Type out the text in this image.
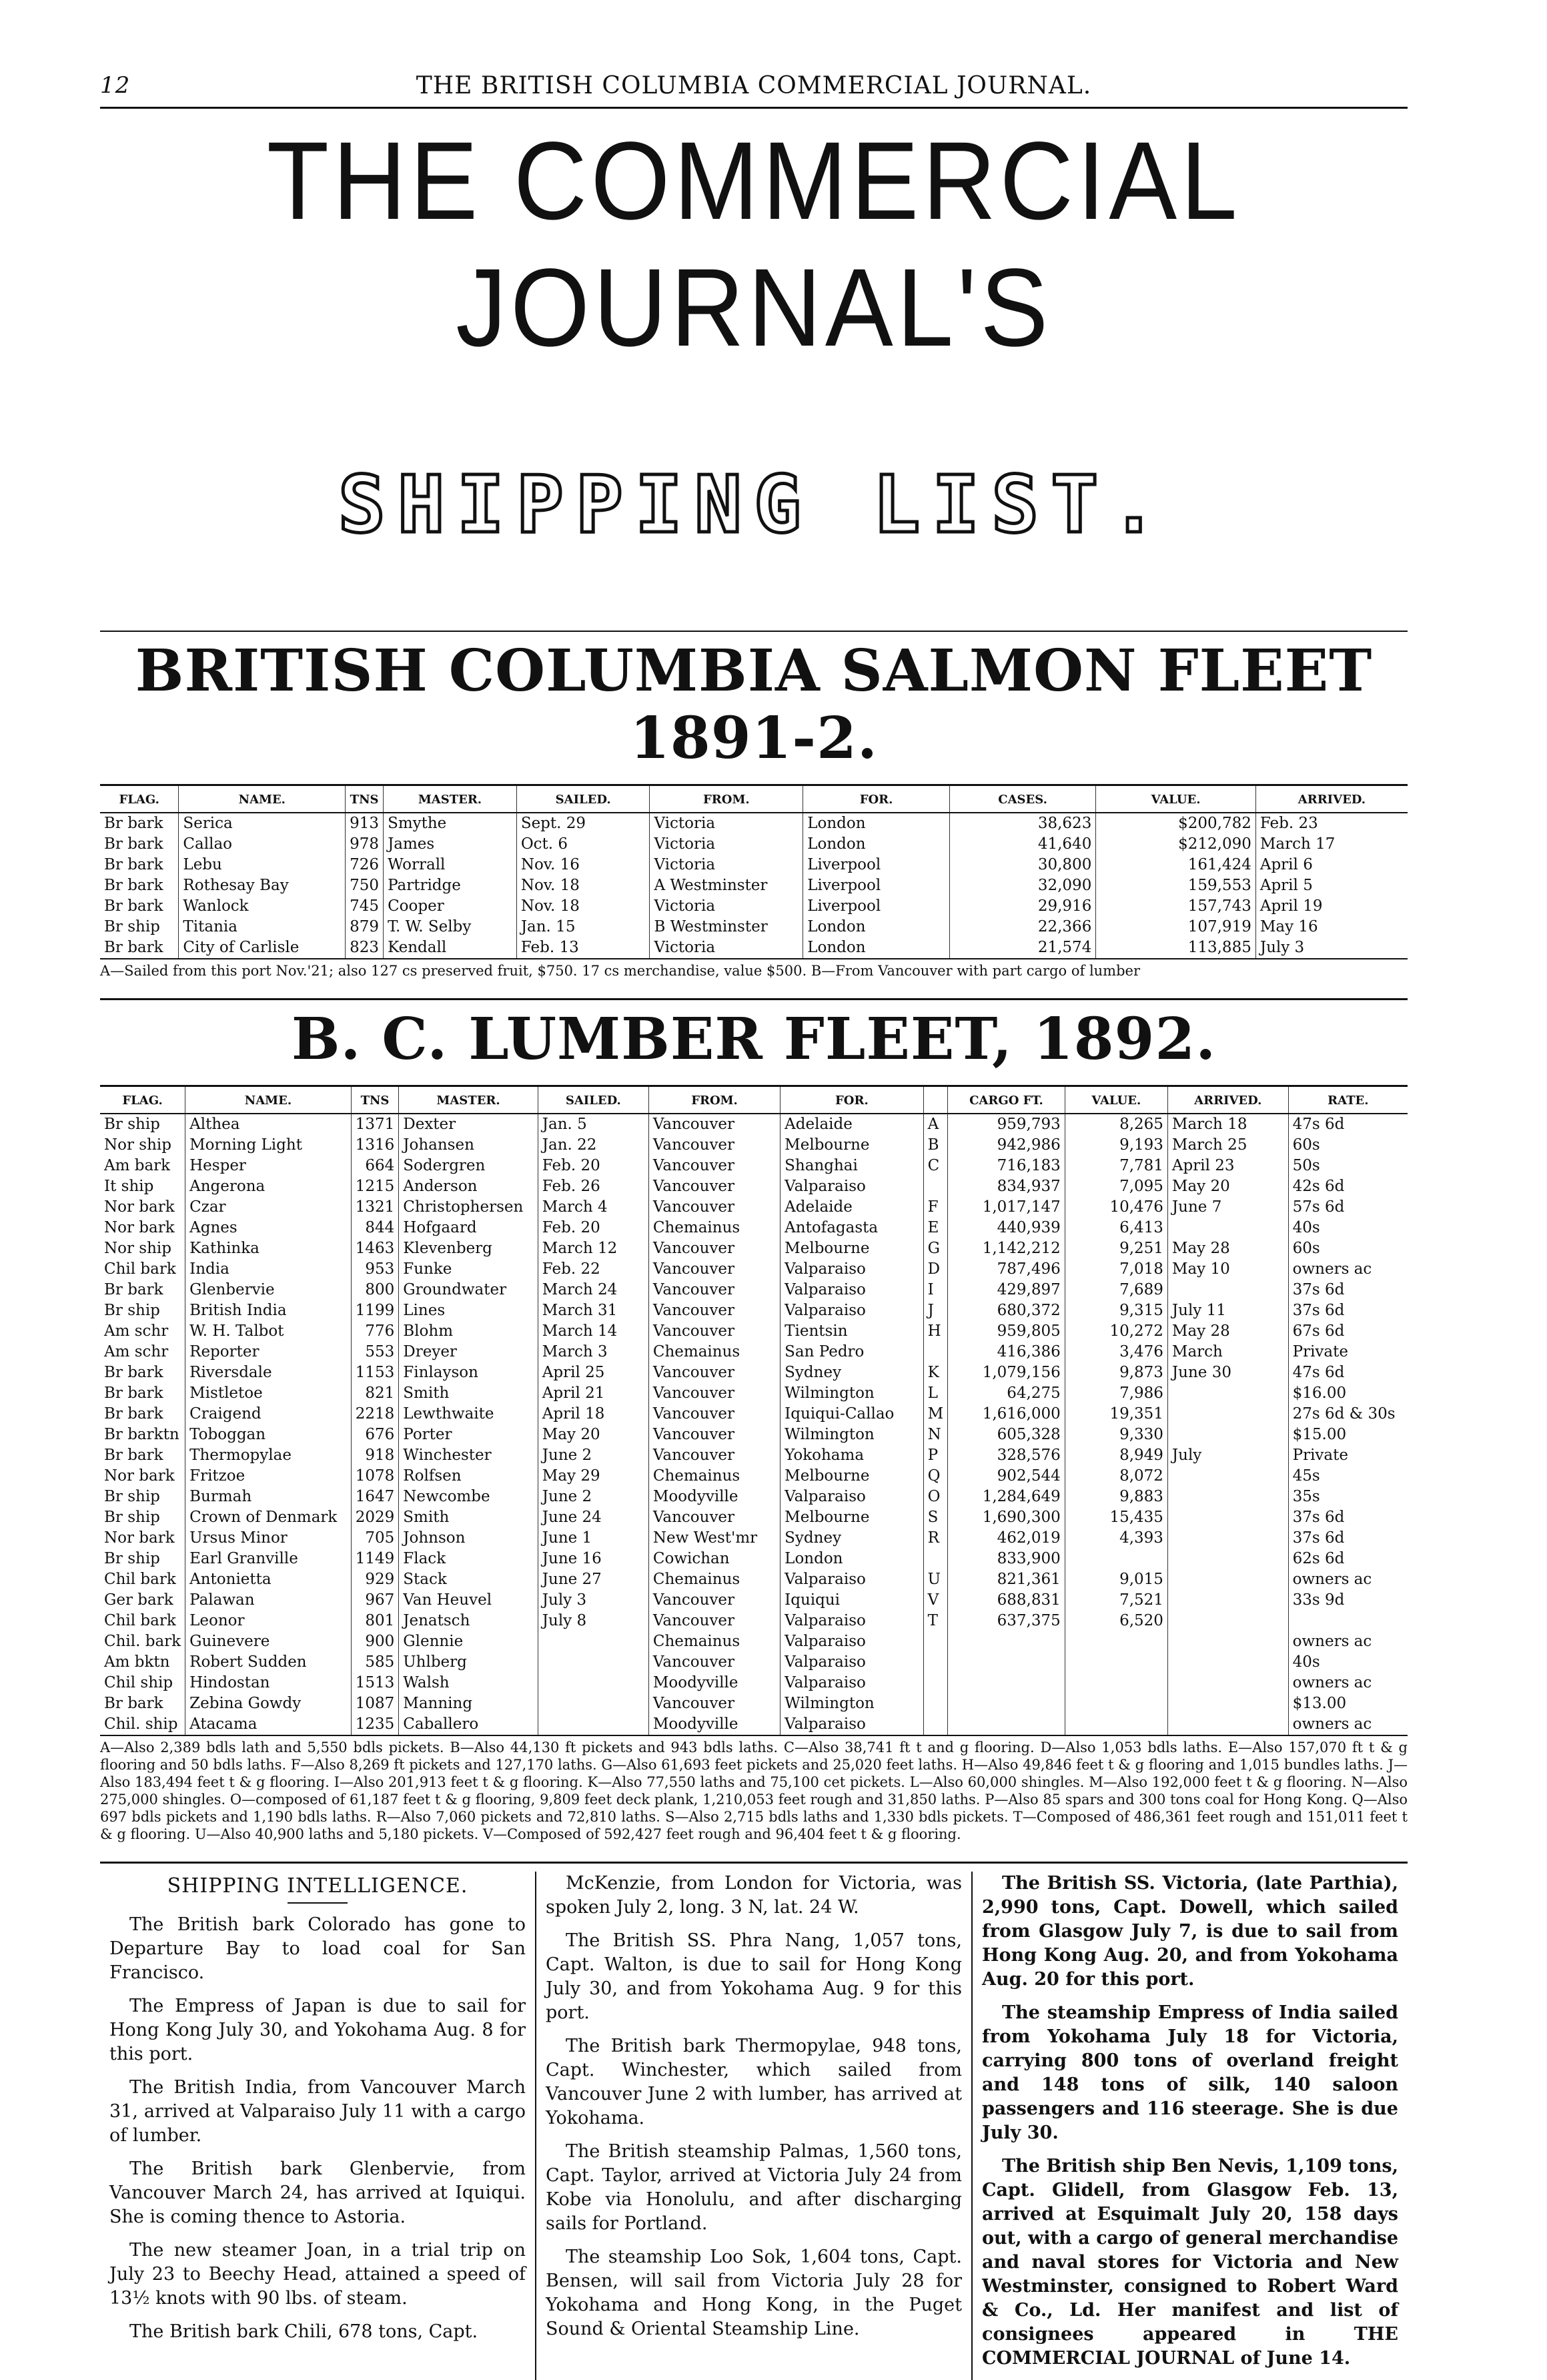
12	THE BRITISH COLUMBIA COMMERCIAL JOURNAL.
THE COMMERCIAL JOURNAL'S
SHIPPING LIST.
BRITISH COLUMBIA SALMON FLEET 1891-2.
FLAG.	NAME.	TNS	MASTER.	SAILED.	FROM.	FOR.	CASES.	VALUE.	ARRIVED.
Br bark	Serica	913	Smythe	Sept. 29	Victoria	London	38,623	$200,782	Feb. 23
Br bark	Callao	978	James	Oct. 6	Victoria	London	41,640	$212,090	March 17
Br bark	Lebu	726	Worrall	Nov. 16	Victoria	Liverpool	30,800	161,424	April 6
Br bark	Rothesay Bay	750	Partridge	Nov. 18	A Westminster	Liverpool	32,090	159,553	April 5
Br bark	Wanlock	745	Cooper	Nov. 18	Victoria	Liverpool	29,916	157,743	April 19
Br ship	Titania	879	T. W. Selby	Jan. 15	B Westminster	London	22,366	107,919	May 16
Br bark	City of Carlisle	823	Kendall	Feb. 13	Victoria	London	21,574	113,885	July 3
A—Sailed from this port Nov.'21; also 127 cs preserved fruit, $750. 17 cs merchandise, value $500. B—From Vancouver with part cargo of lumber
B. C. LUMBER FLEET, 1892.
FLAG.	NAME.	TNS	MASTER.	SAILED.	FROM.	FOR.		CARGO FT.	VALUE.	ARRIVED.	RATE.
Br ship	Althea	1371	Dexter	Jan. 5	Vancouver	Adelaide	A	959,793	8,265	March 18	47s 6d
Nor ship	Morning Light	1316	Johansen	Jan. 22	Vancouver	Melbourne	B	942,986	9,193	March 25	60s
Am bark	Hesper	664	Sodergren	Feb. 20	Vancouver	Shanghai	C	716,183	7,781	April 23	50s
It ship	Angerona	1215	Anderson	Feb. 26	Vancouver	Valparaiso		834,937	7,095	May 20	42s 6d
Nor bark	Czar	1321	Christophersen	March 4	Vancouver	Adelaide	F	1,017,147	10,476	June 7	57s 6d
Nor bark	Agnes	844	Hofgaard	Feb. 20	Chemainus	Antofagasta	E	440,939	6,413		40s
Nor ship	Kathinka	1463	Klevenberg	March 12	Vancouver	Melbourne	G	1,142,212	9,251	May 28	60s
Chil bark	India	953	Funke	Feb. 22	Vancouver	Valparaiso	D	787,496	7,018	May 10	owners ac
Br bark	Glenbervie	800	Groundwater	March 24	Vancouver	Valparaiso	I	429,897	7,689		37s 6d
Br ship	British India	1199	Lines	March 31	Vancouver	Valparaiso	J	680,372	9,315	July 11	37s 6d
Am schr	W. H. Talbot	776	Blohm	March 14	Vancouver	Tientsin	H	959,805	10,272	May 28	67s 6d
Am schr	Reporter	553	Dreyer	March 3	Chemainus	San Pedro		416,386	3,476	March	Private
Br bark	Riversdale	1153	Finlayson	April 25	Vancouver	Sydney	K	1,079,156	9,873	June 30	47s 6d
Br bark	Mistletoe	821	Smith	April 21	Vancouver	Wilmington	L	64,275	7,986		$16.00
Br bark	Craigend	2218	Lewthwaite	April 18	Vancouver	Iquiqui-Callao	M	1,616,000	19,351		27s 6d & 30s
Br barktn	Toboggan	676	Porter	May 20	Vancouver	Wilmington	N	605,328	9,330		$15.00
Br bark	Thermopylae	918	Winchester	June 2	Vancouver	Yokohama	P	328,576	8,949	July	Private
Nor bark	Fritzoe	1078	Rolfsen	May 29	Chemainus	Melbourne	Q	902,544	8,072		45s
Br ship	Burmah	1647	Newcombe	June 2	Moodyville	Valparaiso	O	1,284,649	9,883		35s
Br ship	Crown of Denmark	2029	Smith	June 24	Vancouver	Melbourne	S	1,690,300	15,435		37s 6d
Nor bark	Ursus Minor	705	Johnson	June 1	New West'mr	Sydney	R	462,019	4,393		37s 6d
Br ship	Earl Granville	1149	Flack	June 16	Cowichan	London		833,900			62s 6d
Chil bark	Antonietta	929	Stack	June 27	Chemainus	Valparaiso	U	821,361	9,015		owners ac
Ger bark	Palawan	967	Van Heuvel	July 3	Vancouver	Iquiqui	V	688,831	7,521		33s 9d
Chil bark	Leonor	801	Jenatsch	July 8	Vancouver	Valparaiso	T	637,375	6,520		
Chil. bark	Guinevere	900	Glennie		Chemainus	Valparaiso					owners ac
Am bktn	Robert Sudden	585	Uhlberg		Vancouver	Valparaiso					40s
Chil ship	Hindostan	1513	Walsh		Moodyville	Valparaiso					owners ac
Br bark	Zebina Gowdy	1087	Manning		Vancouver	Wilmington					$13.00
Chil. ship	Atacama	1235	Caballero		Moodyville	Valparaiso					owners ac
A—Also 2,389 bdls lath and 5,550 bdls pickets. B—Also 44,130 ft pickets and 943 bdls laths. C—Also 38,741 ft t and g flooring. D—Also 1,053 bdls laths. E—Also 157,070 ft t & g flooring and 50 bdls laths. F—Also 8,269 ft pickets and 127,170 laths. G—Also 61,693 feet pickets and 25,020 feet laths. H—Also 49,846 feet t & g flooring and 1,015 bundles laths. J—Also 183,494 feet t & g flooring. I—Also 201,913 feet t & g flooring. K—Also 77,550 laths and 75,100 cet pickets. L—Also 60,000 shingles. M—Also 192,000 feet t & g flooring. N—Also 275,000 shingles. O—composed of 61,187 feet t & g flooring, 9,809 feet deck plank, 1,210,053 feet rough and 31,850 laths. P—Also 85 spars and 300 tons coal for Hong Kong. Q—Also 697 bdls pickets and 1,190 bdls laths. R—Also 7,060 pickets and 72,810 laths. S—Also 2,715 bdls laths and 1,330 bdls pickets. T—Composed of 486,361 feet rough and 151,011 feet t & g flooring. U—Also 40,900 laths and 5,180 pickets. V—Composed of 592,427 feet rough and 96,404 feet t & g flooring.
SHIPPING INTELLIGENCE.

The British bark Colorado has gone to Departure Bay to load coal for San Francisco.

The Empress of Japan is due to sail for Hong Kong July 30, and Yokohama Aug. 8 for this port.

The British India, from Vancouver March 31, arrived at Valparaiso July 11 with a cargo of lumber.

The British bark Glenbervie, from Vancouver March 24, has arrived at Iquiqui. She is coming thence to Astoria.

The new steamer Joan, in a trial trip on July 23 to Beechy Head, attained a speed of 13½ knots with 90 lbs. of steam.

The British bark Chili, 678 tons, Capt.

McKenzie, from London for Victoria, was spoken July 2, long. 3 N, lat. 24 W.

The British SS. Phra Nang, 1,057 tons, Capt. Walton, is due to sail for Hong Kong July 30, and from Yokohama Aug. 9 for this port.

The British bark Thermopylae, 948 tons, Capt. Winchester, which sailed from Vancouver June 2 with lumber, has arrived at Yokohama.

The British steamship Palmas, 1,560 tons, Capt. Taylor, arrived at Victoria July 24 from Kobe via Honolulu, and after discharging sails for Portland.

The steamship Loo Sok, 1,604 tons, Capt. Bensen, will sail from Victoria July 28 for Yokohama and Hong Kong, in the Puget Sound & Oriental Steamship Line.

The British SS. Victoria, (late Parthia), 2,990 tons, Capt. Dowell, which sailed from Glasgow July 7, is due to sail from Hong Kong Aug. 20, and from Yokohama Aug. 20 for this port.

The steamship Empress of India sailed from Yokohama July 18 for Victoria, carrying 800 tons of overland freight and 148 tons of silk, 140 saloon passengers and 116 steerage. She is due July 30.

The British ship Ben Nevis, 1,109 tons, Capt. Glidell, from Glasgow Feb. 13, arrived at Esquimalt July 20, 158 days out, with a cargo of general merchandise and naval stores for Victoria and New Westminster, consigned to Robert Ward & Co., Ld. Her manifest and list of consignees appeared in THE COMMERCIAL JOURNAL of June 14.
